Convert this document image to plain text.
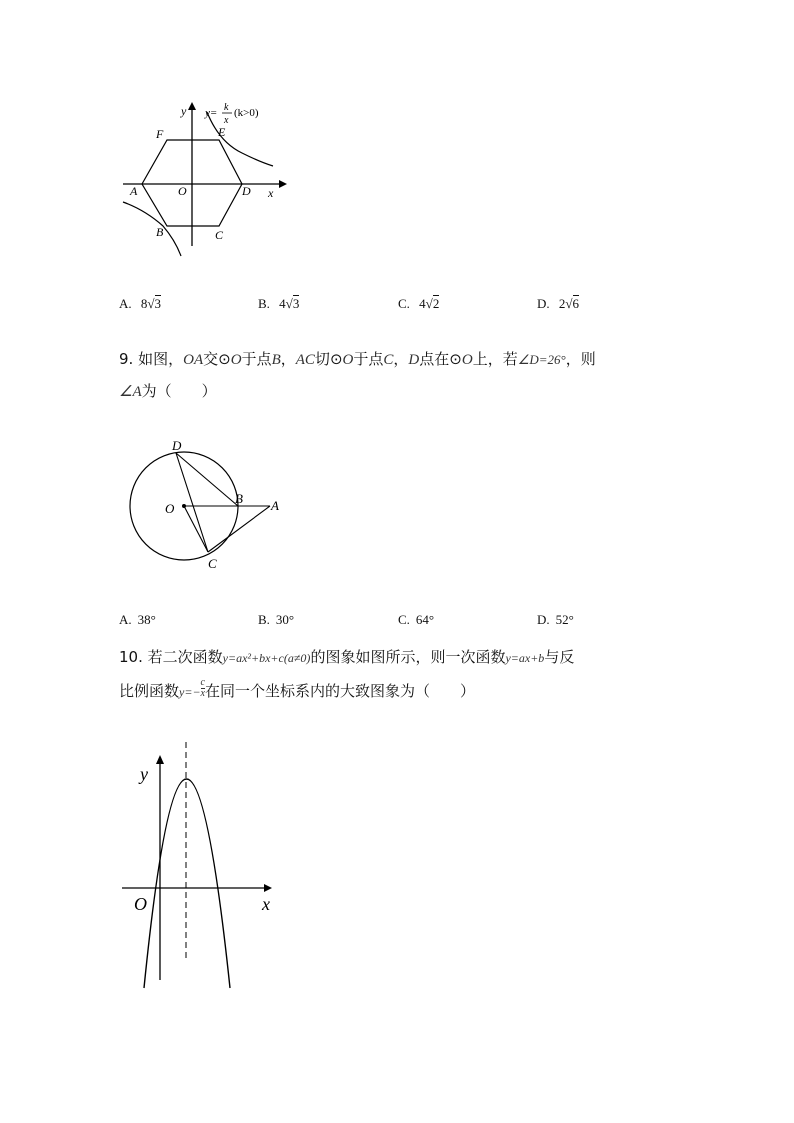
y y= k
x
(k>0)
F	E
A	O	D x
B	C
A. 8√3	B. 4√3	C. 4√2	D. 2√6
9. 如图，OA交⊙O于点B，AC切⊙O于点C，D点在⊙O上，若∠D=26°，则
∠A为（　　）
D
O
B A
C
A. 38°	B. 30°	C. 64°	D. 52°
10. 若二次函数y=ax²+bx+c(a≠0)的图象如图所示，则一次函数y=ax+b与反
比例函数$y=- \frac{c}{x}$ 在同一个坐标系内的大致图象为（　　）
y
O	x
